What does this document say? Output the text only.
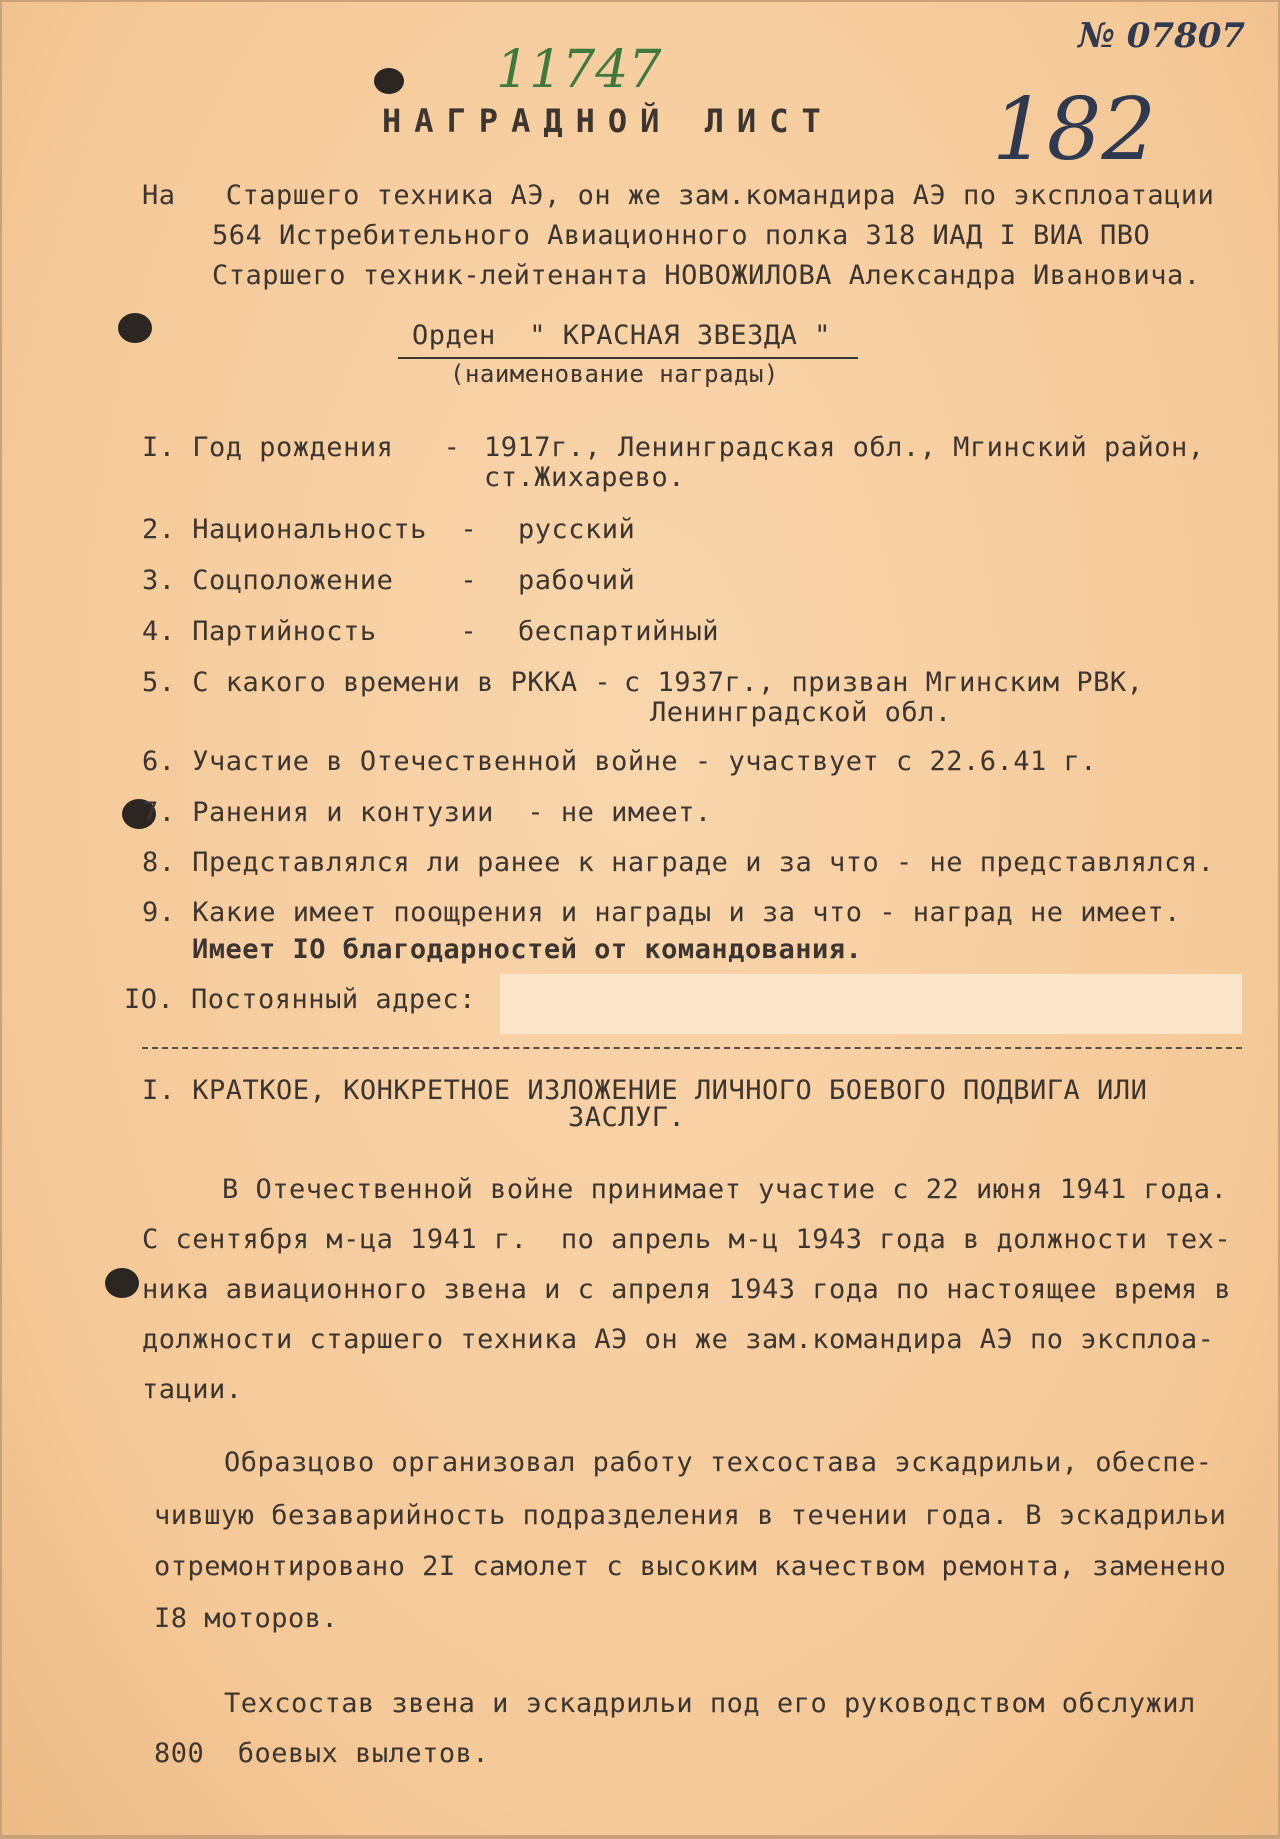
11747
№ 07807
182
НАГРАДНОЙ ЛИСТ
На   Старшего техника АЭ, он же зам.командира АЭ по эксплоатации
564 Истребительного Авиационного полка 318 ИАД I ВИА ПВО
Старшего техник-лейтенанта НОВОЖИЛОВА Александра Ивановича.
Орден  " КРАСНАЯ ЗВЕЗДА "
(наименование награды)
I. Год рождения   - 1917г., Ленинградская обл., Мгинский район,
ст.Жихарево.
2. Национальность  - русский
3. Соцположение    - рабочий
4. Партийность     - беспартийный
5. С какого времени в РККА - с 1937г., призван Мгинским РВК,
Ленинградской обл.
6. Участие в Отечественной войне - участвует с 22.6.41 г.
7. Ранения и контузии  - не имеет.
8. Представлялся ли ранее к награде и за что - не представлялся.
9. Какие имеет поощрения и награды и за что - наград не имеет.
Имеет IO благодарностей от командования.
IO. Постоянный адрес:
I. КРАТКОЕ, КОНКРЕТНОЕ ИЗЛОЖЕНИЕ ЛИЧНОГО БОЕВОГО ПОДВИГА ИЛИ
ЗАСЛУГ.
В Отечественной войне принимает участие с 22 июня 1941 года.
С сентября м-ца 1941 г.  по апрель м-ц 1943 года в должности тех-
ника авиационного звена и с апреля 1943 года по настоящее время в
должности старшего техника АЭ он же зам.командира АЭ по эксплоа-
тации.
Образцово организовал работу техсостава эскадрильи, обеспе-
чившую безаварийность подразделения в течении года. В эскадрильи
отремонтировано 2I самолет с высоким качеством ремонта, заменено
I8 моторов.
Техсостав звена и эскадрильи под его руководством обслужил
800  боевых вылетов.
